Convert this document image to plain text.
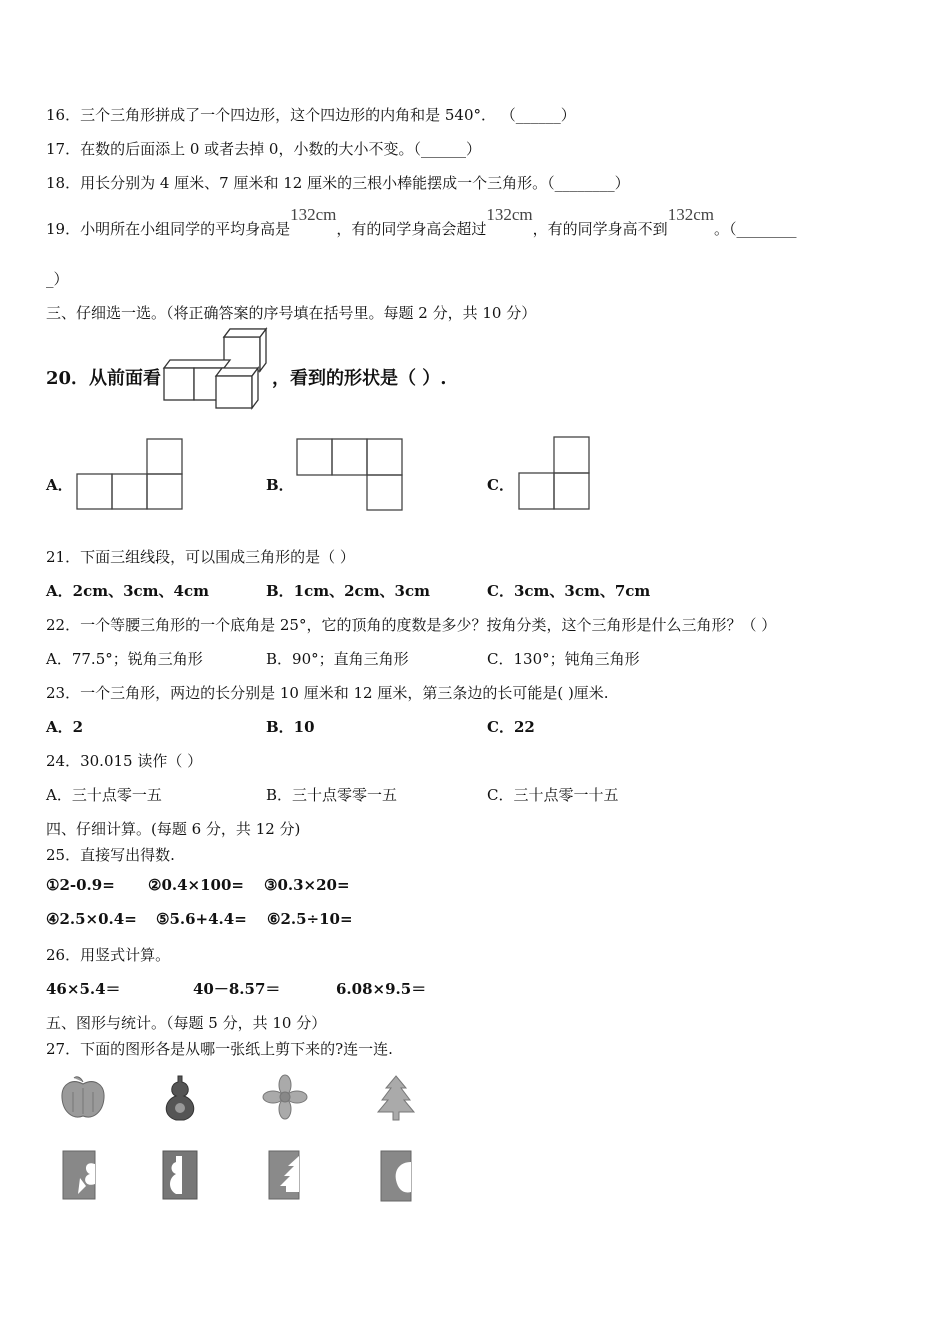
16．三个三角形拼成了一个四边形，这个四边形的内角和是 540°． （______）
17．在数的后面添上 0 或者去掉 0，小数的大小不变。（______）
18．用长分别为 4 厘米、7 厘米和 12 厘米的三根小棒能摆成一个三角形。（________）
19．小明所在小组同学的平均身高是132cm，有的同学身高会超过132cm，有的同学身高不到132cm。（________
_）
三、仔细选一选。（将正确答案的序号填在括号里。每题 2 分，共 10 分）
20．从前面看	，看到的形状是（ ）.
A．	B．	C．
21．下面三组线段，可以围成三角形的是（ ）
A．2cm、3cm、4cm	B．1cm、2cm、3cm	C．3cm、3cm、7cm
22．一个等腰三角形的一个底角是 25°，它的顶角的度数是多少？按角分类，这个三角形是什么三角形？（ ）
A．77.5°；锐角三角形	B．90°；直角三角形	C．130°；钝角三角形
23．一个三角形，两边的长分别是 10 厘米和 12 厘米，第三条边的长可能是( )厘米.
A．2	B．10	C．22
24．30.015 读作（ ）
A．三十点零一五	B．三十点零零一五	C．三十点零一十五
四、仔细计算。(每题 6 分，共 12 分)
25．直接写出得数.
①2-0.9= ②0.4×100= ③0.3×20=
④2.5×0.4= ⑤5.6+4.4= ⑥2.5÷10=
26．用竖式计算。
46×5.4＝	40－8.57＝	6.08×9.5＝
五、图形与统计。（每题 5 分，共 10 分）
27．下面的图形各是从哪一张纸上剪下来的?连一连.
